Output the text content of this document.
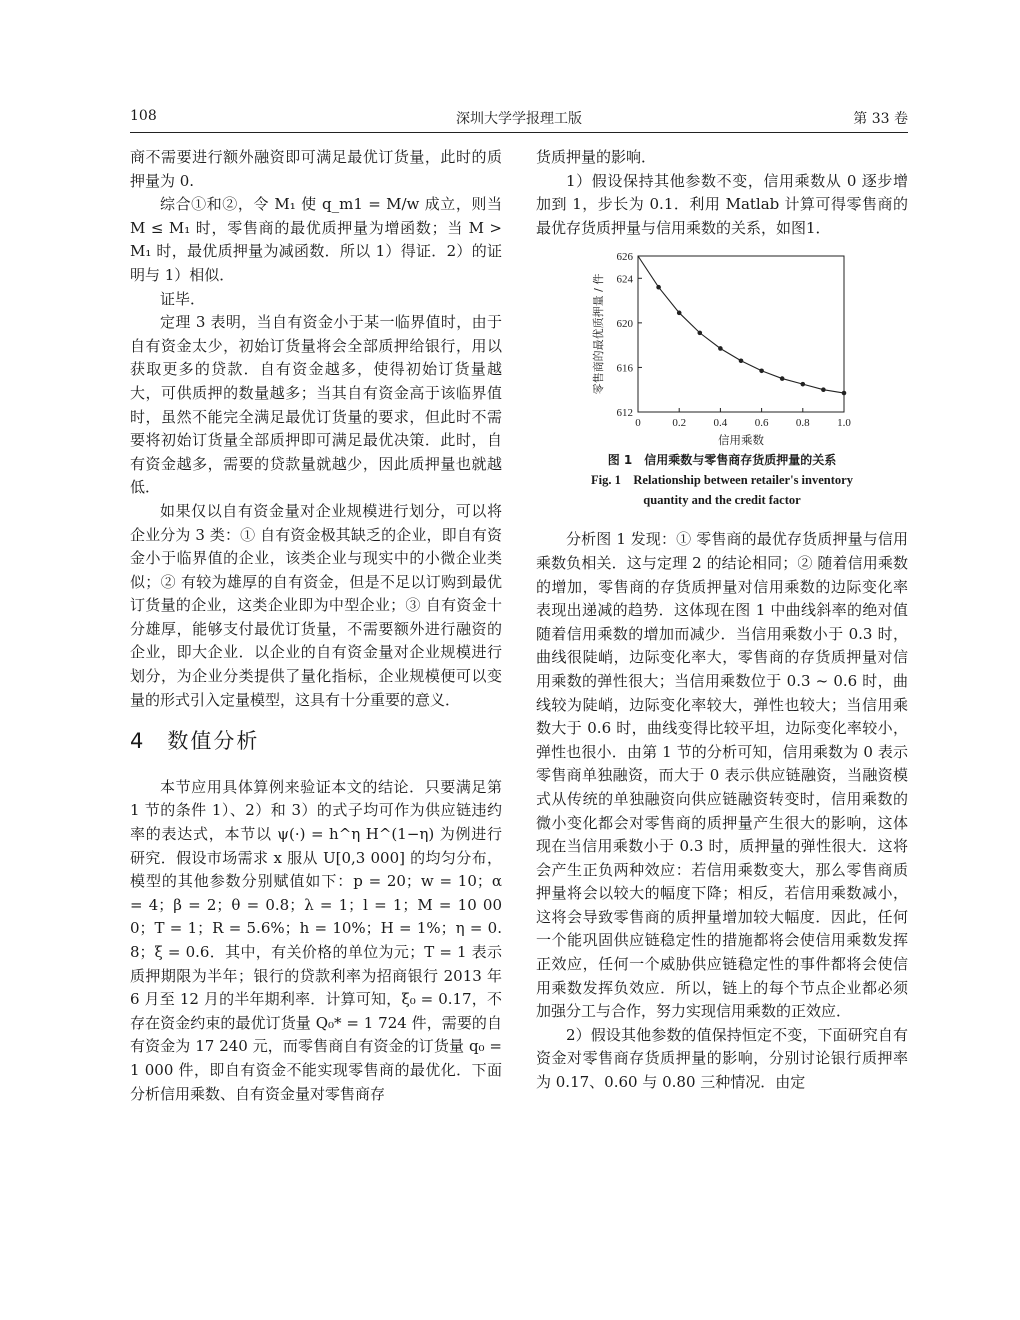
108	深圳大学学报理工版	第 33 卷

商不需要进行额外融资即可满足最优订货量，此时的质押量为 0.

综合①和②，令 M₁ 使 q_m1 = M/w 成立，则当 M ≤ M₁ 时，零售商的最优质押量为增函数；当 M > M₁ 时，最优质押量为减函数．所以 1）得证．2）的证明与 1）相似．

证毕．

定理 3 表明，当自有资金小于某一临界值时，由于自有资金太少，初始订货量将会全部质押给银行，用以获取更多的贷款．自有资金越多，使得初始订货量越大，可供质押的数量越多；当其自有资金高于该临界值时，虽然不能完全满足最优订货量的要求，但此时不需要将初始订货量全部质押即可满足最优决策．此时，自有资金越多，需要的贷款量就越少，因此质押量也就越低．

如果仅以自有资金量对企业规模进行划分，可以将企业分为 3 类：① 自有资金极其缺乏的企业，即自有资金小于临界值的企业，该类企业与现实中的小微企业类似；② 有较为雄厚的自有资金，但是不足以订购到最优订货量的企业，这类企业即为中型企业；③ 自有资金十分雄厚，能够支付最优订货量，不需要额外进行融资的企业，即大企业．以企业的自有资金量对企业规模进行划分，为企业分类提供了量化指标，企业规模便可以变量的形式引入定量模型，这具有十分重要的意义．

4 数值分析

本节应用具体算例来验证本文的结论．只要满足第 1 节的条件 1）、2）和 3）的式子均可作为供应链违约率的表达式，本节以 ψ(·) = h^η H^(1−η) 为例进行研究．假设市场需求 x 服从 U[0,3 000] 的均匀分布，模型的其他参数分别赋值如下：p = 20；w = 10；α = 4；β = 2；θ = 0.8；λ = 1；l = 1；M = 10 000；T = 1；R = 5.6%；h = 10%；H = 1%；η = 0.8；ξ = 0.6．其中，有关价格的单位为元；T = 1 表示质押期限为半年；银行的贷款利率为招商银行 2013 年 6 月至 12 月的半年期利率．计算可知，ξ₀ = 0.17，不存在资金约束的最优订货量 Q₀* = 1 724 件，需要的自有资金为 17 240 元，而零售商自有资金的订货量 q₀ = 1 000 件，即自有资金不能实现零售商的最优化．下面分析信用乘数、自有资金量对零售商存

货质押量的影响．

1）假设保持其他参数不变，信用乘数从 0 逐步增加到 1，步长为 0.1．利用 Matlab 计算可得零售商的最优存货质押量与信用乘数的关系，如图1．

0	0.2 0.4 0.6 0.8 1.0
612
616
620
624
626
信用乘数
零售商的最优质押量 / 件
图 1　信用乘数与零售商存货质押量的关系
Fig. 1　Relationship between retailer's inventory
quantity and the credit factor

分析图 1 发现：① 零售商的最优存货质押量与信用乘数负相关．这与定理 2 的结论相同；② 随着信用乘数的增加，零售商的存货质押量对信用乘数的边际变化率表现出递减的趋势．这体现在图 1 中曲线斜率的绝对值随着信用乘数的增加而减少．当信用乘数小于 0.3 时，曲线很陡峭，边际变化率大，零售商的存货质押量对信用乘数的弹性很大；当信用乘数位于 0.3 ~ 0.6 时，曲线较为陡峭，边际变化率较大，弹性也较大；当信用乘数大于 0.6 时，曲线变得比较平坦，边际变化率较小，弹性也很小．由第 1 节的分析可知，信用乘数为 0 表示零售商单独融资，而大于 0 表示供应链融资，当融资模式从传统的单独融资向供应链融资转变时，信用乘数的微小变化都会对零售商的质押量产生很大的影响，这体现在当信用乘数小于 0.3 时，质押量的弹性很大．这将会产生正负两种效应：若信用乘数变大，那么零售商质押量将会以较大的幅度下降；相反，若信用乘数减小，这将会导致零售商的质押量增加较大幅度．因此，任何一个能巩固供应链稳定性的措施都将会使信用乘数发挥正效应，任何一个威胁供应链稳定性的事件都将会使信用乘数发挥负效应．所以，链上的每个节点企业都必须加强分工与合作，努力实现信用乘数的正效应．

2）假设其他参数的值保持恒定不变，下面研究自有资金对零售商存货质押量的影响，分别讨论银行质押率为 0.17、0.60 与 0.80 三种情况．由定
